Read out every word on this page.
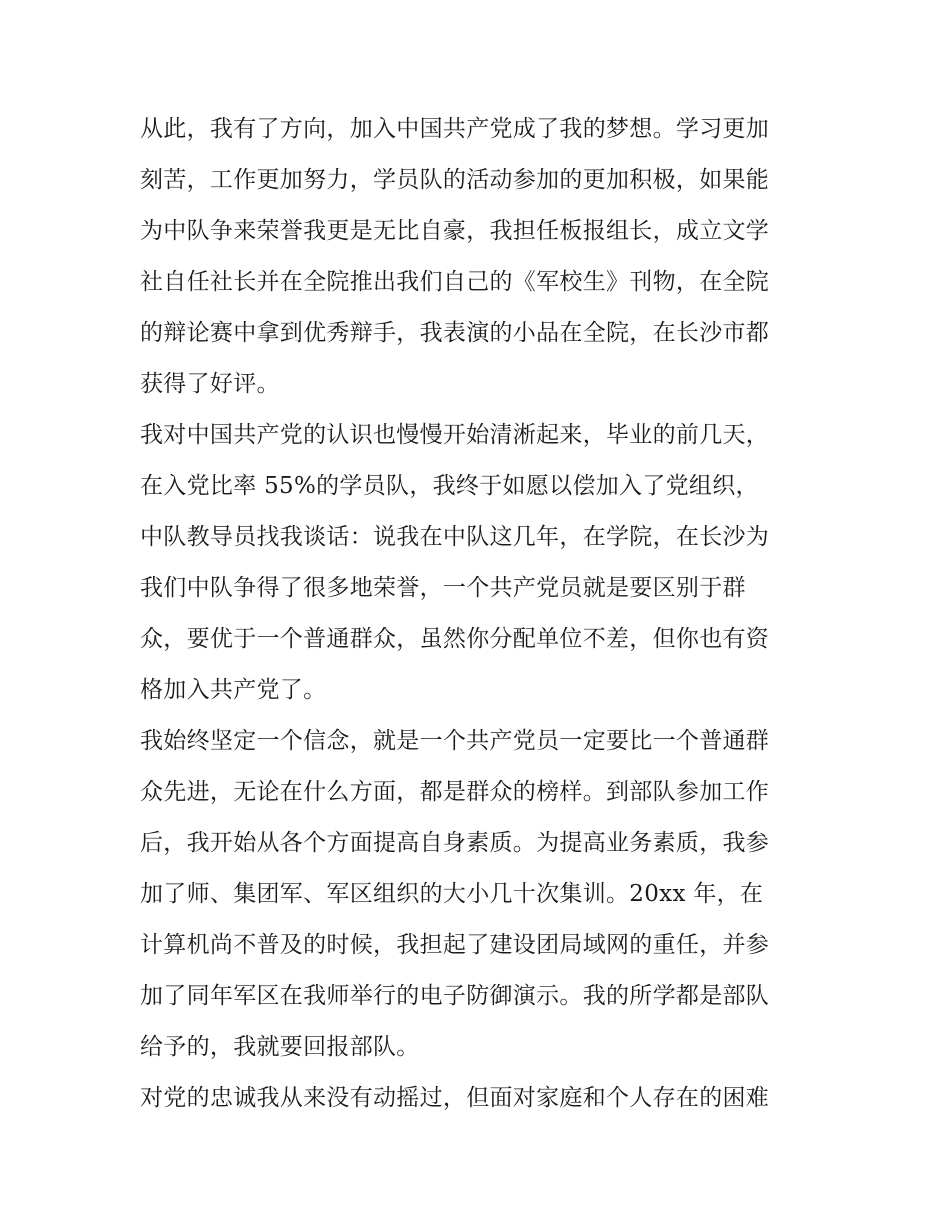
从此，我有了方向，加入中国共产党成了我的梦想。学习更加
刻苦，工作更加努力，学员队的活动参加的更加积极，如果能
为中队争来荣誉我更是无比自豪，我担任板报组长，成立文学
社自任社长并在全院推出我们自己的《军校生》刊物，在全院
的辩论赛中拿到优秀辩手，我表演的小品在全院，在长沙市都
获得了好评。
我对中国共产党的认识也慢慢开始清淅起来，毕业的前几天，
在入党比率 55%的学员队，我终于如愿以偿加入了党组织，
中队教导员找我谈话：说我在中队这几年，在学院，在长沙为
我们中队争得了很多地荣誉，一个共产党员就是要区别于群
众，要优于一个普通群众，虽然你分配单位不差，但你也有资
格加入共产党了。
我始终坚定一个信念，就是一个共产党员一定要比一个普通群
众先进，无论在什么方面，都是群众的榜样。到部队参加工作
后，我开始从各个方面提高自身素质。为提高业务素质，我参
加了师、集团军、军区组织的大小几十次集训。20xx 年，在
计算机尚不普及的时候，我担起了建设团局域网的重任，并参
加了同年军区在我师举行的电子防御演示。我的所学都是部队
给予的，我就要回报部队。
对党的忠诚我从来没有动摇过，但面对家庭和个人存在的困难
